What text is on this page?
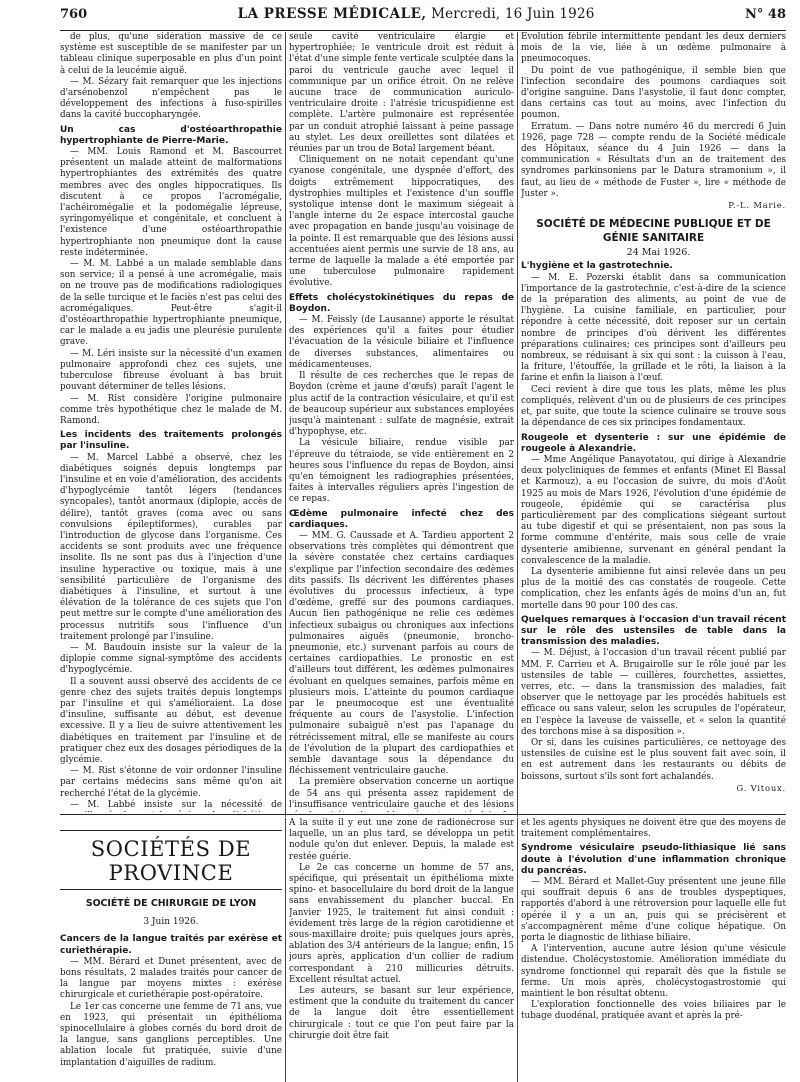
760	LA PRESSE MÉDICALE, Mercredi, 16 Juin 1926	N° 48

de plus, qu'une sidération massive de ce système est susceptible de se manifester par un tableau clinique superposable en plus d'un point à celui de la leucémie aiguë.

— M. Sézary fait remarquer que les injections d'arsénobenzol n'empêchent pas le développement des infections à fuso-spirilles dans la cavité buccopharyngée.

Un cas d'ostéoarthropathie hypertrophiante de Pierre-Marie.

— MM. Louis Ramond et M. Bascourret présentent un malade atteint de malformations hypertrophiantes des extrémités des quatre membres avec des ongles hippocratiques. Ils discutent à ce propos l'acromégalie, l'achéiromégalie et la podomégalie lépreuse, syringomyélique et congénitale, et concluent à l'existence d'une ostéoarthropathie hypertrophiante non pneumique dont la cause reste indéterminée.

— M. M. Labbé a un malade semblable dans son service; il a pensé à une acromégalie, mais on ne trouve pas de modifications radiologiques de la selle turcique et le faciès n'est pas celui des acromégaliques. Peut-être s'agit-il d'ostéoarthropathie hypertrophiante pneumique, car le malade a eu jadis une pleurésie purulente grave.

— M. Léri insiste sur la nécessité d'un examen pulmonaire approfondi chez ces sujets, une tuberculose fibreuse évoluant à bas bruit pouvant déterminer de telles lésions.

— M. Rist considère l'origine pulmonaire comme très hypothétique chez le malade de M. Ramond.

Les incidents des traitements prolongés par l'insuline.

— M. Marcel Labbé a observé, chez les diabétiques soignés depuis longtemps par l'insuline et en voie d'amélioration, des accidents d'hypoglycémie tantôt légers (tendances syncopales), tantôt anormaux (diplopie, accès de délire), tantôt graves (coma avec ou sans convulsions épileptiformes), curables par l'introduction de glycose dans l'organisme. Ces accidents se sont produits avec une fréquence insolite. Ils ne sont pas dus à l'injection d'une insuline hyperactive ou toxique, mais à une sensibilité particulière de l'organisme des diabétiques à l'insuline, et surtout à une élévation de la tolérance de ces sujets que l'on peut mettre sur le compte d'une amélioration des processus nutritifs sous l'influence d'un traitement prolongé par l'insuline.

— M. Baudouin insiste sur la valeur de la diplopie comme signal-symptôme des accidents d'hypoglycémie.

Il a souvent aussi observé des accidents de ce genre chez des sujets traités depuis longtemps par l'insuline et qui s'amélioraient. La dose d'insuline, suffisante au début, est devenue excessive. Il y a lieu de suivre attentivement les diabétiques en traitement par l'insuline et de pratiquer chez eux des dosages périodiques de la glycémie.

— M. Rist s'étonne de voir ordonner l'insuline par certains médecins sans même qu'on ait recherché l'état de la glycémie.

— M. Labbé insiste sur la nécessité de

seule cavité ventriculaire élargie et hypertrophiée; le ventricule droit est réduit à l'état d'une simple fente verticale sculptée dans la paroi du ventricule gauche avec lequel il communique par un orifice étroit. On ne relève aucune trace de communication auriculo-ventriculaire droite : l'atrésie tricuspidienne est complète. L'artère pulmonaire est représentée par un conduit atrophié laissant à peine passage au stylet. Les deux oreillettes sont dilatées et réunies par un trou de Botal largement béant.

Cliniquement on ne notait cependant qu'une cyanose congénitale, une dyspnée d'effort, des doigts extrêmement hippocratiques, des dystrophies multiples et l'existence d'un souffle systolique intense dont le maximum siégeait à l'angle interne du 2e espace intercostal gauche avec propagation en bande jusqu'au voisinage de la pointe. Il est remarquable que des lésions aussi accentuées aient permis une survie de 18 ans, au terme de laquelle la malade a été emportée par une tuberculose pulmonaire rapidement évolutive.

Effets cholécystokinétiques du repas de Boydon.

— M. Feissly (de Lausanne) apporte le résultat des expériences qu'il a faites pour étudier l'évacuation de la vésicule biliaire et l'influence de diverses substances, alimentaires ou médicamenteuses.

Il résulte de ces recherches que le repas de Boydon (crème et jaune d'œufs) paraît l'agent le plus actif de la contraction vésiculaire, et qu'il est de beaucoup supérieur aux substances employées jusqu'à maintenant : sulfate de magnésie, extrait d'hypophyse, etc.

La vésicule biliaire, rendue visible par l'épreuve du tétraiode, se vide entièrement en 2 heures sous l'influence du repas de Boydon, ainsi qu'en témoignent les radiographies présentées, faites à intervalles réguliers après l'ingestion de ce repas.

Œdème pulmonaire infecté chez des cardiaques.

— MM. G. Caussade et A. Tardieu apportent 2 observations très complètes qui démontrent que la sévère constatée chez certains cardiaques s'explique par l'infection secondaire des œdèmes dits passifs. Ils décrivent les différentes phases évolutives du processus infectieux, à type d'œdème, greffé sur des poumons cardiaques. Aucun lien pathogénique ne relie ces œdèmes infectieux subaigus ou chroniques aux infections pulmonaires aiguës (pneumonie, broncho-pneumonie, etc.) survenant parfois au cours de certaines cardiopathies. Le pronostic en est d'ailleurs tout différent, les œdèmes pulmonaires évoluant en quelques semaines, parfois même en plusieurs mois. L'atteinte du poumon cardiaque par le pneumocoque est une éventualité fréquente au cours de l'asystolie. L'infection pulmonaire subaiguë n'est pas l'apanage du rétrécissement mitral, elle se manifeste au cours de l'évolution de la plupart des cardiopathies et semble davantage sous la dépendance du fléchissement ventriculaire gauche.

La première observation concerne un aortique de 54 ans qui présenta assez rapidement de l'insuffisance ventriculaire gauche et des lésions

Évolution fébrile intermittente pendant les deux derniers mois de la vie, liée à un œdème pulmonaire à pneumocoques.

Du point de vue pathogénique, il semble bien que l'infection secondaire des poumons cardiaques soit d'origine sanguine. Dans l'asystolie, il faut donc compter, dans certains cas tout au moins, avec l'infection du poumon.

Erratum. — Dans notre numéro 46 du mercredi 6 Juin 1926, page 728 — compte rendu de la Société médicale des Hôpitaux, séance du 4 Juin 1926 — dans la communication « Résultats d'un an de traitement des syndromes parkinsoniens par le Datura stramonium », il faut, au lieu de « méthode de Fuster », lire « méthode de Juster ».

P.-L. Marie.

SOCIÉTÉ DE MÉDECINE PUBLIQUE ET DE GÉNIE SANITAIRE

24 Mai 1926.

L'hygiène et la gastrotechnie.

— M. E. Pozerski établit dans sa communication l'importance de la gastrotechnie, c'est-à-dire de la science de la préparation des aliments, au point de vue de l'hygiène. La cuisine familiale, en particulier, pour répondre à cette nécessité, doit reposer sur un certain nombre de principes d'où dérivent les différentes préparations culinaires; ces principes sont d'ailleurs peu nombreux, se réduisant à six qui sont : la cuisson à l'eau, la friture, l'étouffée, la grillade et le rôti, la liaison à la farine et enfin la liaison à l'œuf.

Ceci revient à dire que tous les plats, même les plus compliqués, relèvent d'un ou de plusieurs de ces principes et, par suite, que toute la science culinaire se trouve sous la dépendance de ces six principes fondamentaux.

Rougeole et dysenterie : sur une épidémie de rougeole à Alexandrie.

— Mme Angélique Panayotatou, qui dirige à Alexandrie deux polycliniques de femmes et enfants (Minet El Bassal et Karmouz), a eu l'occasion de suivre, du mois d'Août 1925 au mois de Mars 1926, l'évolution d'une épidémie de rougeole, épidémie qui se caractérisa plus particulièrement par des complications siégeant surtout au tube digestif et qui se présentaient, non pas sous la forme commune d'entérite, mais sous celle de vraie dysenterie amibienne, survenant en général pendant la convalescence de la maladie.

La dysenterie amibienne fut ainsi relevée dans un peu plus de la moitié des cas constatés de rougeole. Cette complication, chez les enfants âgés de moins d'un an, fut mortelle dans 90 pour 100 des cas.

Quelques remarques à l'occasion d'un travail récent sur le rôle des ustensiles de table dans la transmission des maladies.

— M. Déjust, à l'occasion d'un travail récent publié par MM. F. Carrieu et A. Brugairolle sur le rôle joué par les ustensiles de table — cuillères, fourchettes, assiettes, verres, etc. — dans la transmission des maladies, fait observer que le nettoyage par les procédés habituels est efficace ou sans valeur, selon les scrupules de l'opérateur, en l'espèce la laveuse de vaisselle, et « selon la quantité des torchons mise à sa disposition ».

Or si, dans les cuisines particulières, ce nettoyage des ustensiles de cuisine est le plus souvent fait avec soin, il en est autrement dans les restaurants ou débits de boissons, surtout s'ils sont fort achalandés.

G. Vitoux.

SOCIÉTÉS DE PROVINCE
SOCIÉTÉ DE CHIRURGIE DE LYON
3 Juin 1926.
Cancers de la langue traités par exérèse et curiethérapie.

— MM. Bérard et Dunet présentent, avec de bons résultats, 2 malades traités pour cancer de la langue par moyens mixtes : exérèse chirurgicale et curiethérapie post-opératoire.

Le 1er cas concerne une femme de 71 ans, vue en 1923, qui présentait un épithélioma spinocellulaire à globes cornés du bord droit de la langue, sans ganglions perceptibles. Une ablation locale fut pratiquée, suivie d'une implantation d'aiguilles de radium.

A la suite il y eut une zone de radionécrose sur laquelle, un an plus tard, se développa un petit nodule qu'on dut enlever. Depuis, la malade est restée guérie.

Le 2e cas concerne un homme de 57 ans, spécifique, qui présentait un épithélioma mixte spino- et basocellulaire du bord droit de la langue sans envahissement du plancher buccal. En Janvier 1925, le traitement fut ainsi conduit : évidement très large de la région carotidienne et sous-maxillaire droite; puis quelques jours après, ablation des 3/4 antérieurs de la langue; enfin, 15 jours après, application d'un collier de radium correspondant à 210 millicuries détruits. Excellent résultat actuel.

Les auteurs, se basant sur leur expérience, estiment que la conduite du traitement du cancer de la langue doit être essentiellement chirurgicale : tout ce que l'on peut faire par la chirurgie doit être fait

et les agents physiques ne doivent être que des moyens de traitement complémentaires.

Syndrome vésiculaire pseudo-lithiasique lié sans doute à l'évolution d'une inflammation chronique du pancréas.

— MM. Bérard et Mallet-Guy présentent une jeune fille qui souffrait depuis 6 ans de troubles dyspeptiques, rapportés d'abord à une rétroversion pour laquelle elle fut opérée il y a un an, puis qui se précisèrent et s'accompagnèrent même d'une colique hépatique. On porta le diagnostic de lithiase biliaire.

A l'intervention, aucune autre lésion qu'une vésicule distendue. Cholécystostomie. Amélioration immédiate du syndrome fonctionnel qui reparaît dès que la fistule se ferme. Un mois après, cholécystogastrostomie qui maintient le bon résultat obtenu.

L'exploration fonctionnelle des voies biliaires par le tubage duodénal, pratiquée avant et après la pré-
